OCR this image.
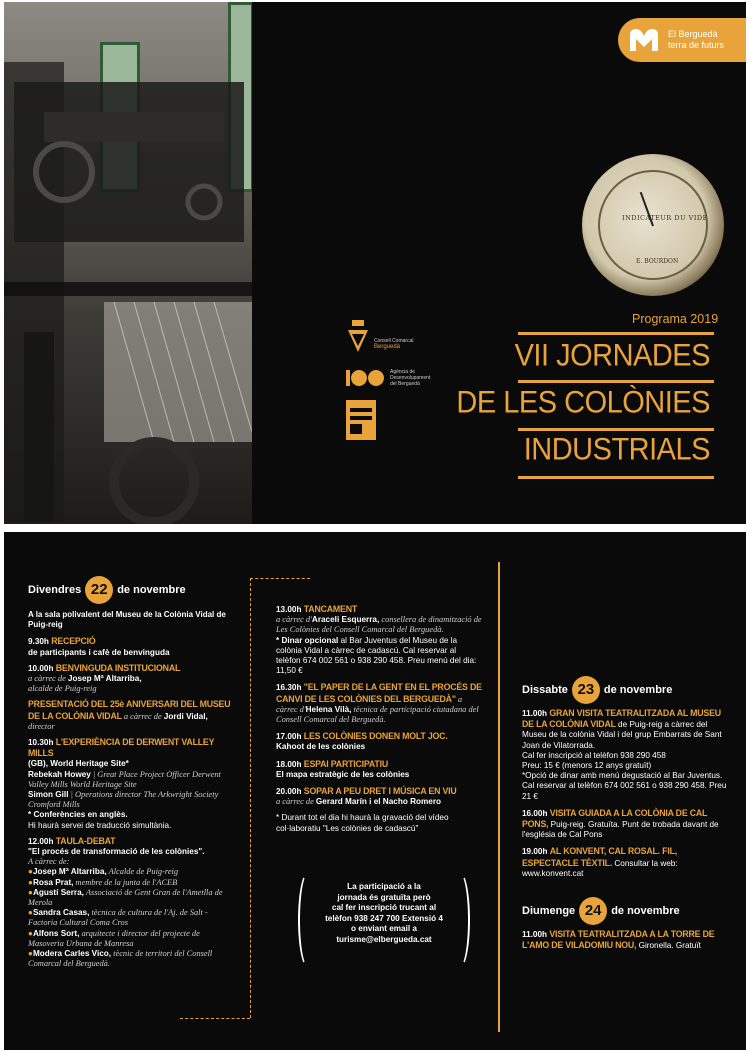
El Berguedà
terra de futurs
INDICATEUR DU VIDE
E. BOURDON
Programa 2019
VII JORNADES
DE LES COLÒNIES
INDUSTRIALS
Consell Comarcal
Berguedà
Agència de
Desenvolupament
del Berguedà
Divendres 22 de novembre

A la sala polivalent del Museu de la Colònia Vidal de Puig-reig

9.30h RECEPCIÓ

de participants i cafè de benvinguda

10.00h BENVINGUDA INSTITUCIONAL

a càrrec de Josep Mª Altarriba,

alcalde de Puig-reig

PRESENTACIÓ DEL 25è ANIVERSARI DEL MUSEU DE LA COLÒNIA VIDAL a càrrec de Jordi Vidal,

director

10.30h L'EXPERIÈNCIA DE DERWENT VALLEY MILLS

(GB), World Heritage Site*

Rebekah Howey | Great Place Project Officer Derwent Valley Mills World Heritage Site

Simon Gill | Operations director The Arkwright Society Cromford Mills

* Conferències en anglès.

Hi haurà servei de traducció simultània.

12.00h TAULA-DEBAT

"El procés de transformació de les colònies".

A càrrec de:

●Josep Mª Altarriba, Alcalde de Puig-reig

●Rosa Prat, membre de la junta de l'ACEB

●Agustí Serra, Associació de Gent Gran de l'Ametlla de Merola

●Sandra Casas, tècnica de cultura de l'Aj. de Salt - Factoria Cultural Coma Cros

●Alfons Sort, arquitecte i director del projecte de Masoveria Urbana de Manresa

●Modera Carles Vico, tècnic de territori del Consell Comarcal del Berguedà.

13.00h TANCAMENT

a càrrec d'Araceli Esquerra, consellera de dinamització de Les Colònies del Consell Comarcal del Berguedà.

* Dinar opcional al Bar Juventus del Museu de la colònia Vidal a càrrec de cadascú. Cal reservar al telèfon 674 002 561 o 938 290 458. Preu menú del dia: 11,50 €

16.30h "EL PAPER DE LA GENT EN EL PROCÉS DE CANVI DE LES COLÒNIES DEL BERGUEDÀ" a càrrec d'Helena Vilà, tècnica de participació ciutadana del Consell Comarcal del Berguedà.

17.00h LES COLÒNIES DONEN MOLT JOC.

Kahoot de les colònies

18.00h ESPAI PARTICIPATIU

El mapa estratègic de les colònies

20.00h SOPAR A PEU DRET I MÚSICA EN VIU

a càrrec de Gerard Marín i el Nacho Romero

* Durant tot el dia hi haurà la gravació del vídeo col·laboratiu "Les colònies de cadascú"

La participació a la
jornada és gratuïta però
cal fer inscripció trucant al
telèfon 938 247 700 Extensió 4
o enviant email a
turisme@elbergueda.cat
Dissabte 23 de novembre

11.00h GRAN VISITA TEATRALITZADA AL MUSEU DE LA COLÒNIA VIDAL de Puig-reig a càrrec del Museu de la colònia Vidal i del grup Embarrats de Sant Joan de Vilatorrada.

Cal fer inscripció al telèfon 938 290 458

Preu: 15 € (menors 12 anys gratuït)

*Opció de dinar amb menú degustació al Bar Juventus. Cal reservar al telèfon 674 002 561 o 938 290 458. Preu 21 €

16.00h VISITA GUIADA A LA COLÒNIA DE CAL PONS, Puig-reig. Gratuïta. Punt de trobada davant de l'església de Cal Pons

19.00h AL KONVENT, CAL ROSAL. FIL, ESPECTACLE TÈXTIL. Consultar la web: www.konvent.cat

Diumenge 24 de novembre

11.00h VISITA TEATRALITZADA A LA TORRE DE L'AMO DE VILADOMIU NOU, Gironella. Gratuït
